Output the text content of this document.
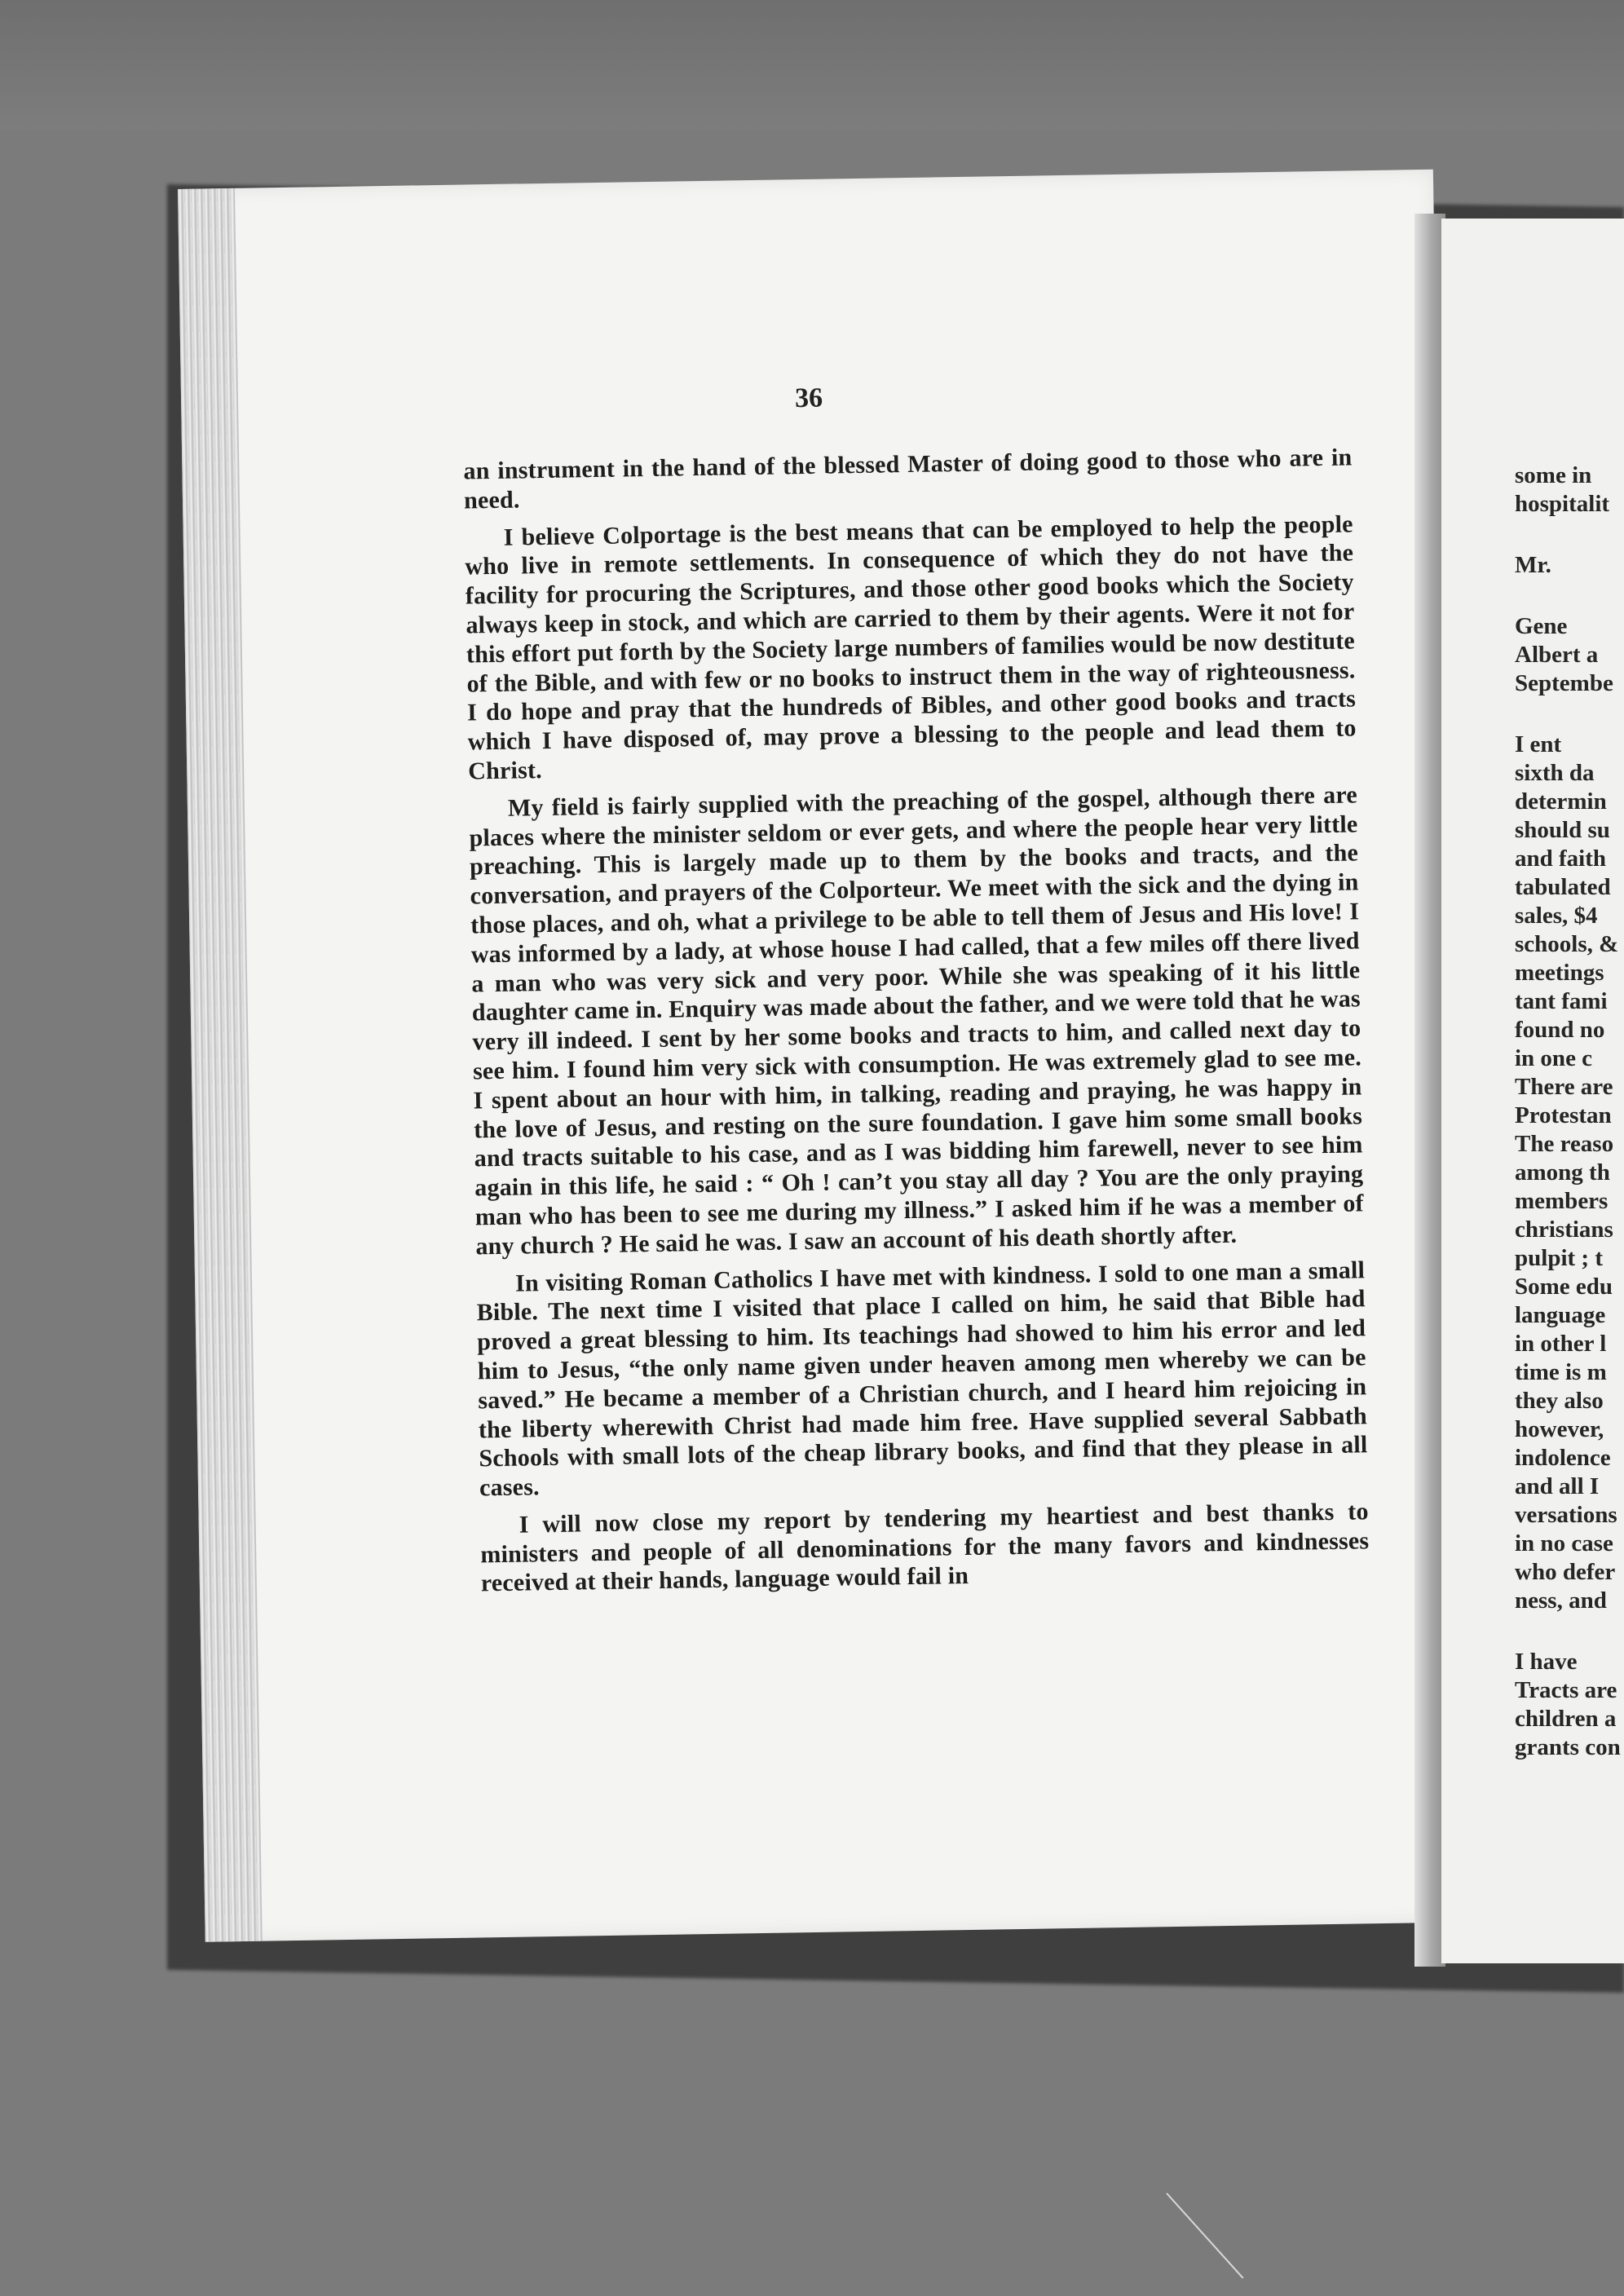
36

an instrument in the hand of the blessed Master of doing good to those who are in need.

I believe Colportage is the best means that can be employed to help the people who live in remote settlements. In consequence of which they do not have the facility for procuring the Scriptures, and those other good books which the Society always keep in stock, and which are carried to them by their agents. Were it not for this effort put forth by the Society large numbers of families would be now destitute of the Bible, and with few or no books to instruct them in the way of righteousness. I do hope and pray that the hundreds of Bibles, and other good books and tracts which I have disposed of, may prove a blessing to the people and lead them to Christ.

My field is fairly supplied with the preaching of the gospel, although there are places where the minister seldom or ever gets, and where the people hear very little preaching. This is largely made up to them by the books and tracts, and the conversation, and prayers of the Colporteur. We meet with the sick and the dying in those places, and oh, what a privilege to be able to tell them of Jesus and His love! I was informed by a lady, at whose house I had called, that a few miles off there lived a man who was very sick and very poor. While she was speaking of it his little daughter came in. Enquiry was made about the father, and we were told that he was very ill indeed. I sent by her some books and tracts to him, and called next day to see him. I found him very sick with consumption. He was extremely glad to see me. I spent about an hour with him, in talking, reading and praying, he was happy in the love of Jesus, and resting on the sure foundation. I gave him some small books and tracts suitable to his case, and as I was bidding him farewell, never to see him again in this life, he said : “ Oh ! can’t you stay all day ? You are the only praying man who has been to see me during my illness.” I asked him if he was a member of any church ? He said he was. I saw an account of his death shortly after.

In visiting Roman Catholics I have met with kindness. I sold to one man a small Bible. The next time I visited that place I called on him, he said that Bible had proved a great blessing to him. Its teachings had showed to him his error and led him to Jesus, “the only name given under heaven among men whereby we can be saved.” He became a member of a Christian church, and I heard him rejoicing in the liberty wherewith Christ had made him free. Have supplied several Sabbath Schools with small lots of the cheap library books, and find that they please in all cases.

I will now close my report by tendering my heartiest and best thanks to ministers and people of all denominations for the many favors and kindnesses received at their hands, language would fail in

some in
hospitalit
Mr.
Gene
Albert a
Septembe
I ent
sixth da
determin
should su
and faith
tabulated
sales, $4
schools, &
meetings
tant fami
found no
in one c
There are
Protestan
The reaso
among th
members
christians
pulpit ; t
Some edu
language
in other l
time is m
they also
however,
indolence
and all I
versations
in no case
who defer
ness, and
I have
Tracts are
children a
grants con
